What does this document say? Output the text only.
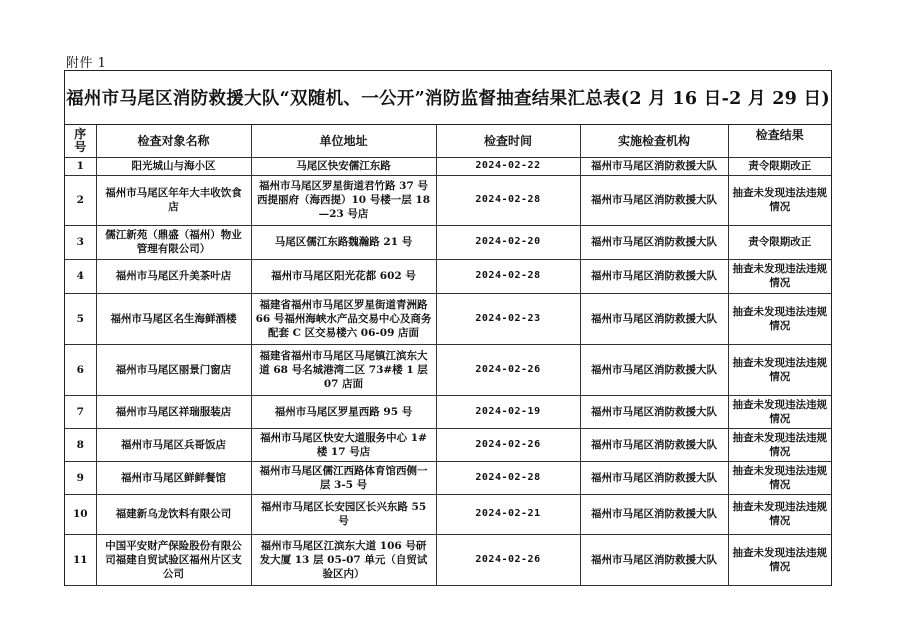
附件 1
福州市马尾区消防救援大队“双随机、一公开”消防监督抽查结果汇总表(2 月 16 日-2 月 29 日)
序
号	检查对象名称	单位地址	检查时间	实施检查机构	检查结果
1	阳光城山与海小区	马尾区快安儒江东路	2024-02-22	福州市马尾区消防救援大队	责令限期改正
2	福州市马尾区年年大丰收饮食店	福州市马尾区罗星街道君竹路 37 号西提丽府（海西提）10 号楼一层 18—23 号店	2024-02-28	福州市马尾区消防救援大队	抽查未发现违法违规情况
3	儒江新苑（鼎盛（福州）物业管理有限公司）	马尾区儒江东路魏瀚路 21 号	2024-02-20	福州市马尾区消防救援大队	责令限期改正
4	福州市马尾区升美茶叶店	福州市马尾区阳光花都 602 号	2024-02-28	福州市马尾区消防救援大队	抽查未发现违法违规情况
5	福州市马尾区名生海鲜酒楼	福建省福州市马尾区罗星街道青洲路 66 号福州海峡水产品交易中心及商务配套 C 区交易楼六 06-09 店面	2024-02-23	福州市马尾区消防救援大队	抽查未发现违法违规情况
6	福州市马尾区丽景门窗店	福建省福州市马尾区马尾镇江滨东大道 68 号名城港湾二区 73#楼 1 层 07 店面	2024-02-26	福州市马尾区消防救援大队	抽查未发现违法违规情况
7	福州市马尾区祥瑞服装店	福州市马尾区罗星西路 95 号	2024-02-19	福州市马尾区消防救援大队	抽查未发现违法违规情况
8	福州市马尾区兵哥饭店	福州市马尾区快安大道服务中心 1#楼 17 号店	2024-02-26	福州市马尾区消防救援大队	抽查未发现违法违规情况
9	福州市马尾区鲜鲜餐馆	福州市马尾区儒江西路体育馆西侧一层 3-5 号	2024-02-28	福州市马尾区消防救援大队	抽查未发现违法违规情况
10	福建新乌龙饮料有限公司	福州市马尾区长安园区长兴东路 55 号	2024-02-21	福州市马尾区消防救援大队	抽查未发现违法违规情况
11	中国平安财产保险股份有限公司福建自贸试验区福州片区支公司	福州市马尾区江滨东大道 106 号研发大厦 13 层 05-07 单元（自贸试验区内）	2024-02-26	福州市马尾区消防救援大队	抽查未发现违法违规情况
